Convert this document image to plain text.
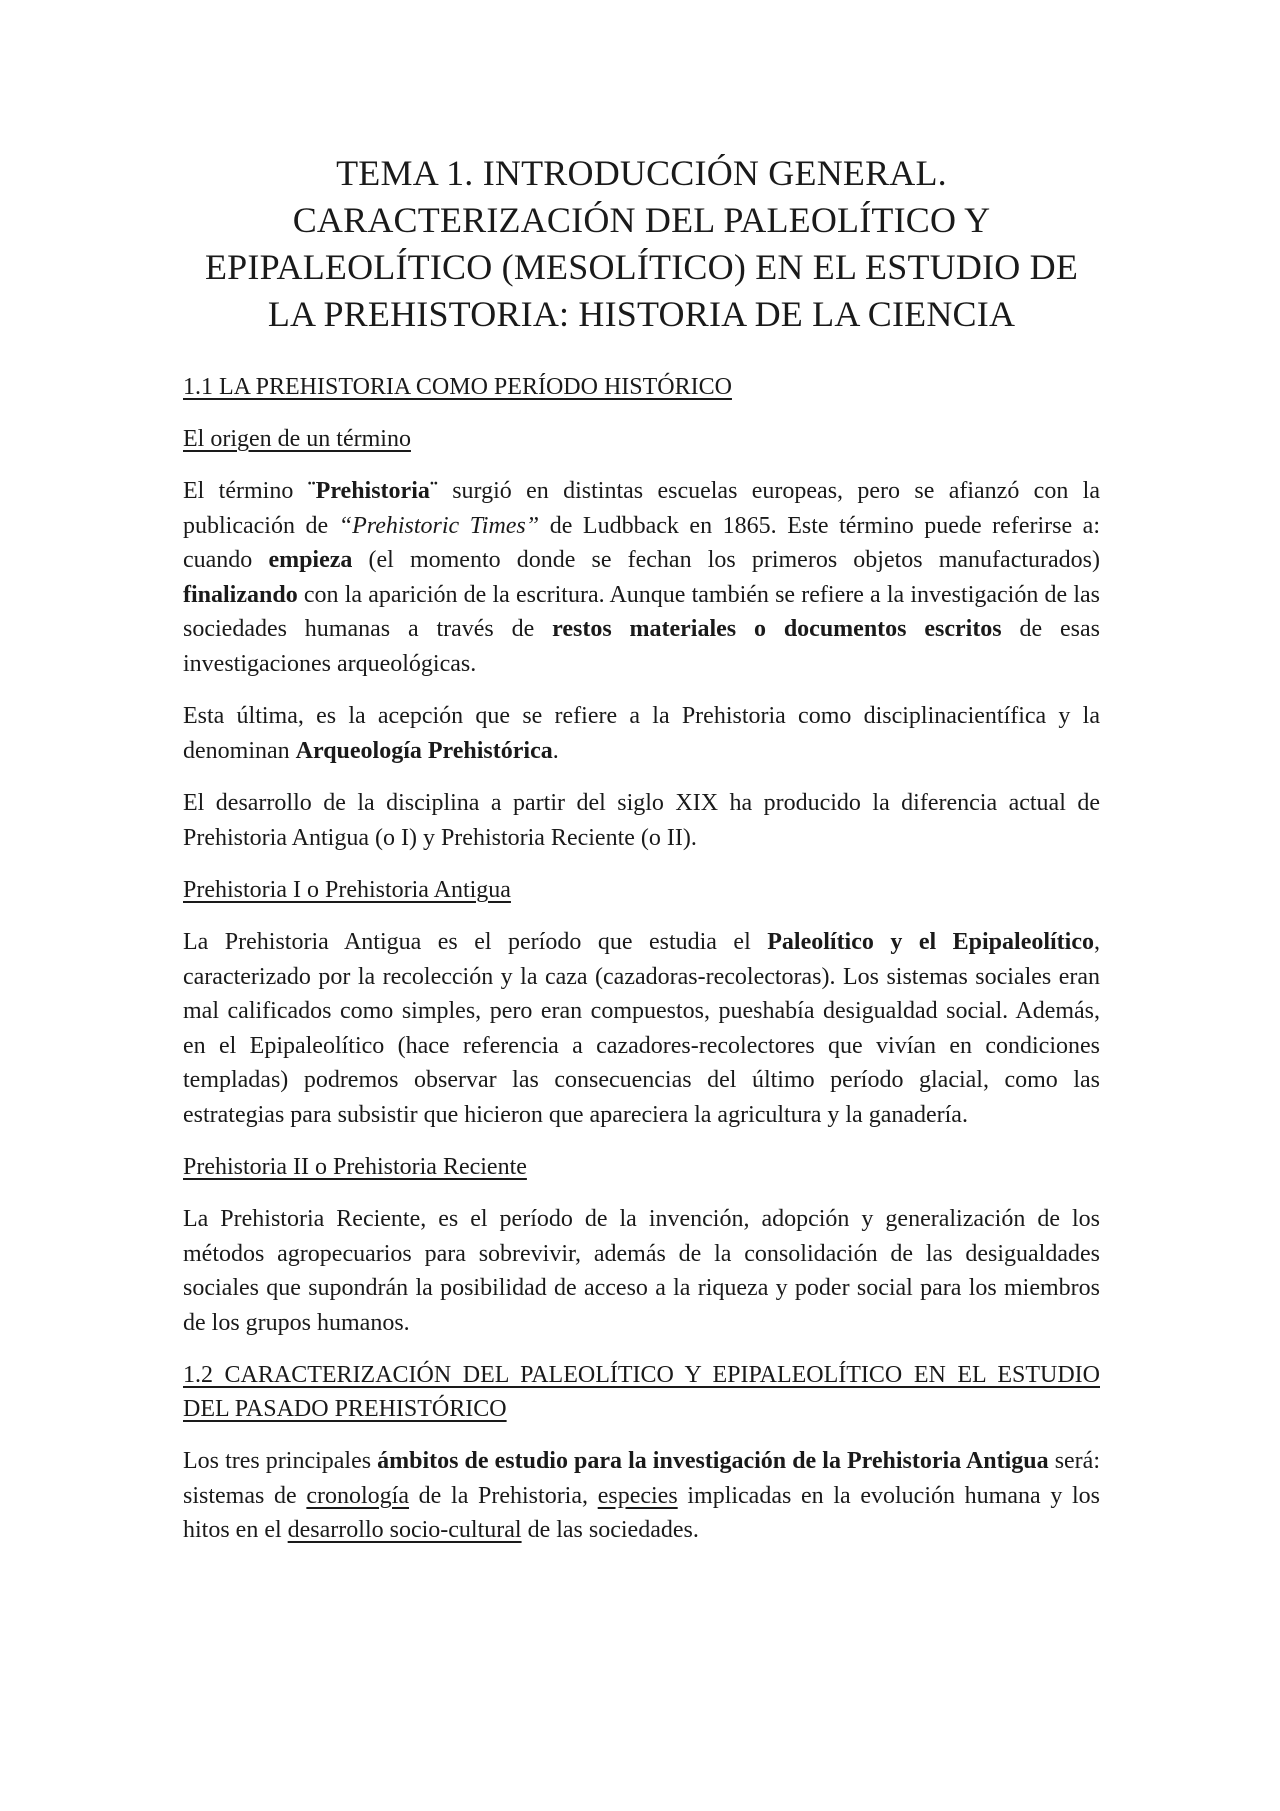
TEMA 1. INTRODUCCIÓN GENERAL. CARACTERIZACIÓN DEL PALEOLÍTICO Y EPIPALEOLÍTICO (MESOLÍTICO) EN EL ESTUDIO DE LA PREHISTORIA: HISTORIA DE LA CIENCIA
1.1 LA PREHISTORIA COMO PERÍODO HISTÓRICO
El origen de un término

El término ¨Prehistoria¨ surgió en distintas escuelas europeas, pero se afianzó con la publicación de “Prehistoric Times” de Ludbback en 1865. Este término puede referirse a: cuando empieza (el momento donde se fechan los primeros objetos manufacturados) finalizando con la aparición de la escritura. Aunque también se refiere a la investigación de las sociedades humanas a través de restos materiales o documentos escritos de esas investigaciones arqueológicas.

Esta última, es la acepción que se refiere a la Prehistoria como disciplinacientífica y la denominan Arqueología Prehistórica.

El desarrollo de la disciplina a partir del siglo XIX ha producido la diferencia actual de Prehistoria Antigua (o I) y Prehistoria Reciente (o II).

Prehistoria I o Prehistoria Antigua

La Prehistoria Antigua es el período que estudia el Paleolítico y el Epipaleolítico, caracterizado por la recolección y la caza (cazadoras-recolectoras). Los sistemas sociales eran mal calificados como simples, pero eran compuestos, pueshabía desigualdad social. Además, en el Epipaleolítico (hace referencia a cazadores-recolectores que vivían en condiciones templadas) podremos observar las consecuencias del último período glacial, como las estrategias para subsistir que hicieron que apareciera la agricultura y la ganadería.

Prehistoria II o Prehistoria Reciente

La Prehistoria Reciente, es el período de la invención, adopción y generalización de los métodos agropecuarios para sobrevivir, además de la consolidación de las desigualdades sociales que supondrán la posibilidad de acceso a la riqueza y poder social para los miembros de los grupos humanos.

1.2 CARACTERIZACIÓN DEL PALEOLÍTICO Y EPIPALEOLÍTICO EN EL ESTUDIO DEL PASADO PREHISTÓRICO

Los tres principales ámbitos de estudio para la investigación de la Prehistoria Antigua será: sistemas de cronología de la Prehistoria, especies implicadas en la evolución humana y los hitos en el desarrollo socio-cultural de las sociedades.
